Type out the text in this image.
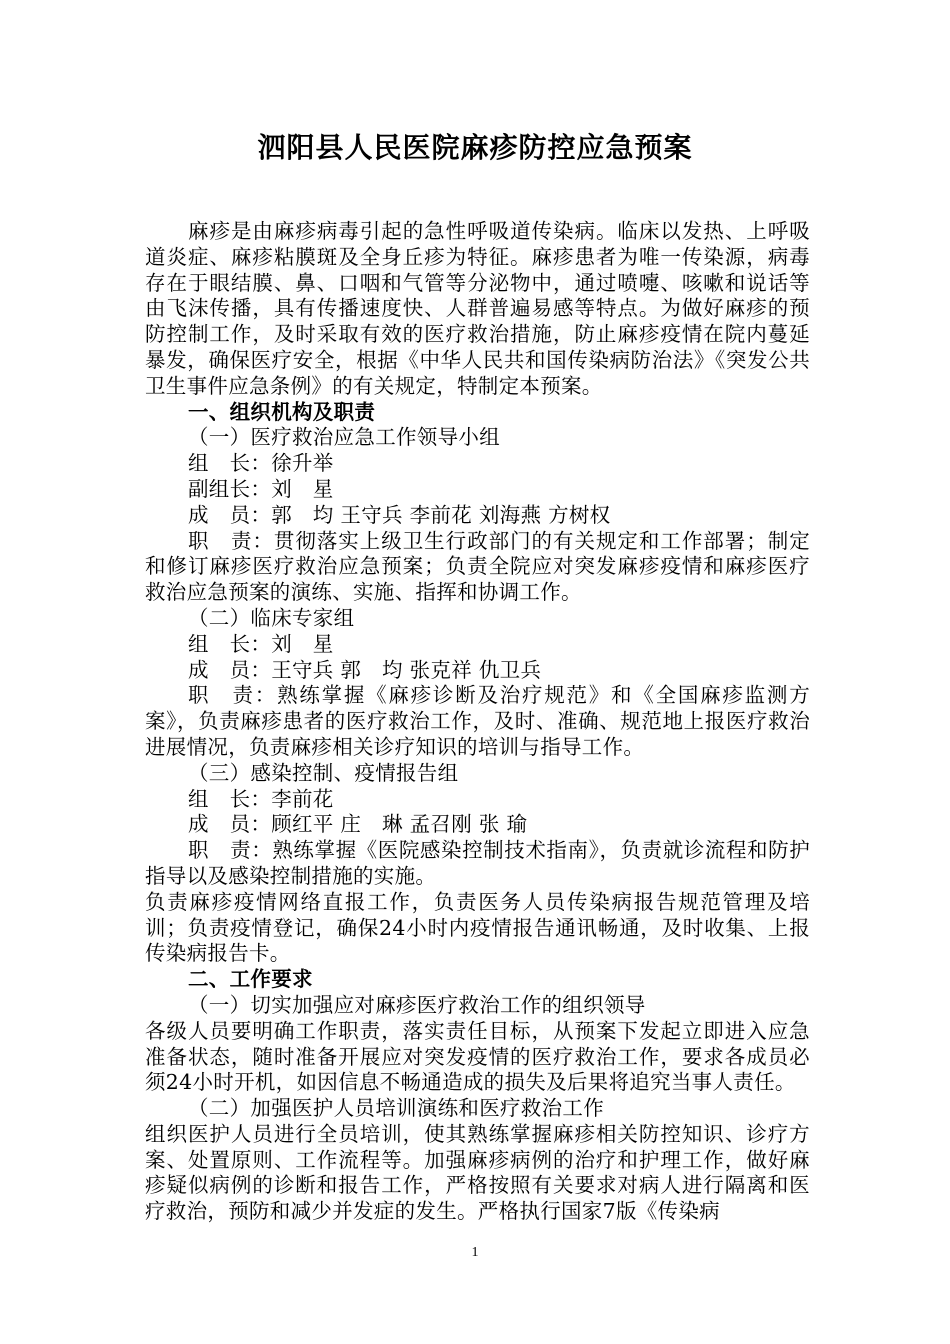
泗阳县人民医院麻疹防控应急预案

麻疹是由麻疹病毒引起的急性呼吸道传染病。临床以发热、上呼吸道炎症、麻疹粘膜斑及全身丘疹为特征。麻疹患者为唯一传染源，病毒存在于眼结膜、鼻、口咽和气管等分泌物中，通过喷嚏、咳嗽和说话等由飞沫传播，具有传播速度快、人群普遍易感等特点。为做好麻疹的预防控制工作，及时采取有效的医疗救治措施，防止麻疹疫情在院内蔓延暴发，确保医疗安全，根据《中华人民共和国传染病防治法》《突发公共卫生事件应急条例》的有关规定，特制定本预案。

一、组织机构及职责

（一）医疗救治应急工作领导小组

组　长：徐升举

副组长：刘　星

成　员：郭　均 王守兵 李前花 刘海燕 方树权

职　责：贯彻落实上级卫生行政部门的有关规定和工作部署；制定和修订麻疹医疗救治应急预案；负责全院应对突发麻疹疫情和麻疹医疗救治应急预案的演练、实施、指挥和协调工作。

（二）临床专家组

组　长：刘　星

成　员：王守兵 郭　均 张克祥 仇卫兵

职　责：熟练掌握《麻疹诊断及治疗规范》和《全国麻疹监测方案》，负责麻疹患者的医疗救治工作，及时、准确、规范地上报医疗救治进展情况，负责麻疹相关诊疗知识的培训与指导工作。

（三）感染控制、疫情报告组

组　长：李前花

成　员：顾红平 庄　琳 孟召刚 张 瑜

职　责：熟练掌握《医院感染控制技术指南》，负责就诊流程和防护指导以及感染控制措施的实施。

负责麻疹疫情网络直报工作，负责医务人员传染病报告规范管理及培训；负责疫情登记，确保24小时内疫情报告通讯畅通，及时收集、上报传染病报告卡。

二、工作要求

（一）切实加强应对麻疹医疗救治工作的组织领导

各级人员要明确工作职责，落实责任目标，从预案下发起立即进入应急准备状态，随时准备开展应对突发疫情的医疗救治工作，要求各成员必须24小时开机，如因信息不畅通造成的损失及后果将追究当事人责任。

（二）加强医护人员培训演练和医疗救治工作

组织医护人员进行全员培训，使其熟练掌握麻疹相关防控知识、诊疗方案、处置原则、工作流程等。加强麻疹病例的治疗和护理工作，做好麻疹疑似病例的诊断和报告工作，严格按照有关要求对病人进行隔离和医疗救治，预防和减少并发症的发生。严格执行国家7版《传染病

1
